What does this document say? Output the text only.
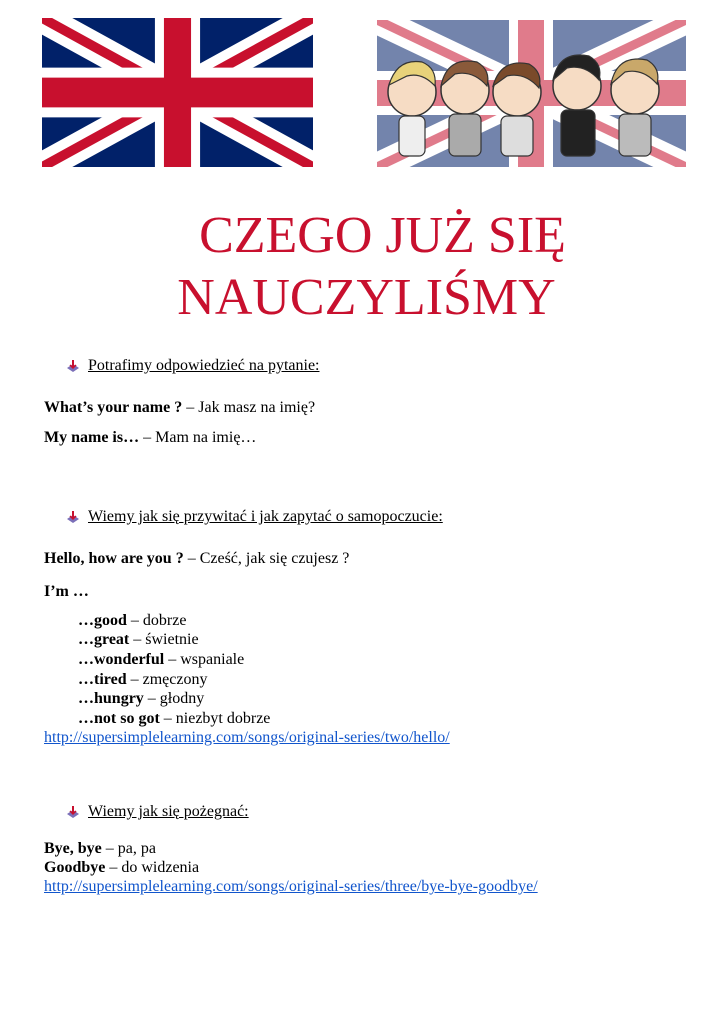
CZEGO JUŻ SIĘ
NAUCZYLIŚMY
Potrafimy odpowiedzieć na pytanie:
What’s your name ? – Jak masz na imię?
My name is… – Mam na imię…
Wiemy jak się przywitać i jak zapytać o samopoczucie:
Hello, how are you ? – Cześć, jak się czujesz ?
I’m …
…good – dobrze
…great – świetnie
…wonderful – wspaniale
…tired – zmęczony
…hungry – głodny
…not so got – niezbyt dobrze
http://supersimplelearning.com/songs/original-series/two/hello/
Wiemy jak się pożegnać:
Bye, bye – pa, pa
Goodbye – do widzenia
http://supersimplelearning.com/songs/original-series/three/bye-bye-goodbye/
